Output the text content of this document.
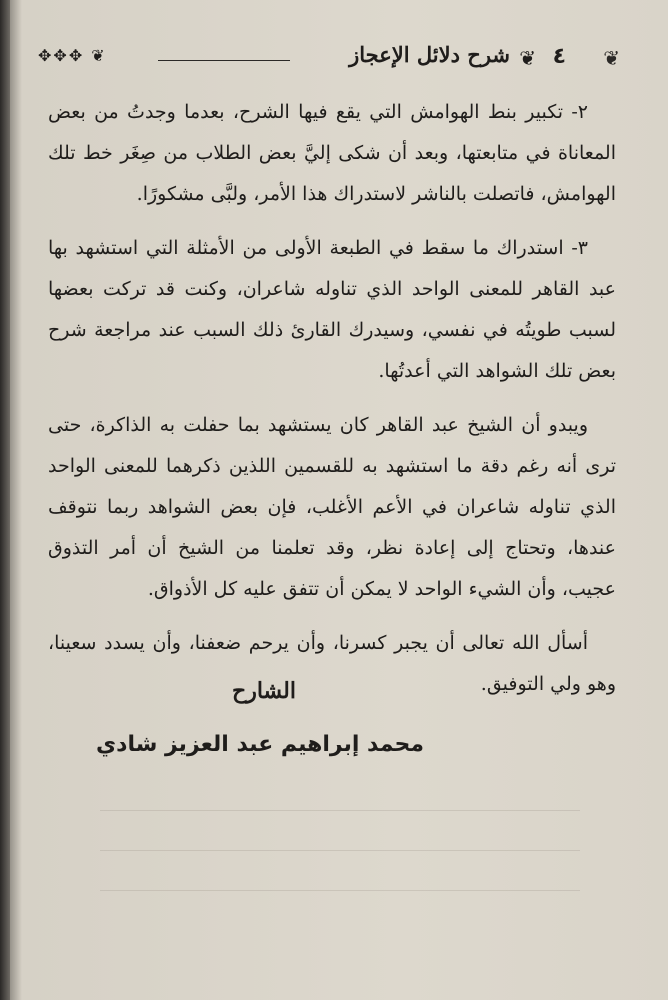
❦
٤
❦
شرح دلائل الإعجاز
✥✥✥ ❦

٢- تكبير بنط الهوامش التي يقع فيها الشرح، بعدما وجدتُ من بعض المعاناة في متابعتها، وبعد أن شكى إليَّ بعض الطلاب من صِغَر خط تلك الهوامش، فاتصلت بالناشر لاستدراك هذا الأمر، ولبَّى مشكورًا.

٣- استدراك ما سقط في الطبعة الأولى من الأمثلة التي استشهد بها عبد القاهر للمعنى الواحد الذي تناوله شاعران، وكنت قد تركت بعضها لسبب طويتُه في نفسي، وسيدرك القارئ ذلك السبب عند مراجعة شرح بعض تلك الشواهد التي أعدتُها.

ويبدو أن الشيخ عبد القاهر كان يستشهد بما حفلت به الذاكرة، حتى ترى أنه رغم دقة ما استشهد به للقسمين اللذين ذكرهما للمعنى الواحد الذي تناوله شاعران في الأعم الأغلب، فإن بعض الشواهد ربما نتوقف عندها، وتحتاج إلى إعادة نظر، وقد تعلمنا من الشيخ أن أمر التذوق عجيب، وأن الشيء الواحد لا يمكن أن تتفق عليه كل الأذواق.

أسأل الله تعالى أن يجبر كسرنا، وأن يرحم ضعفنا، وأن يسدد سعينا، وهو ولي التوفيق.

الشارح
محمد إبراهيم عبد العزيز شادي
